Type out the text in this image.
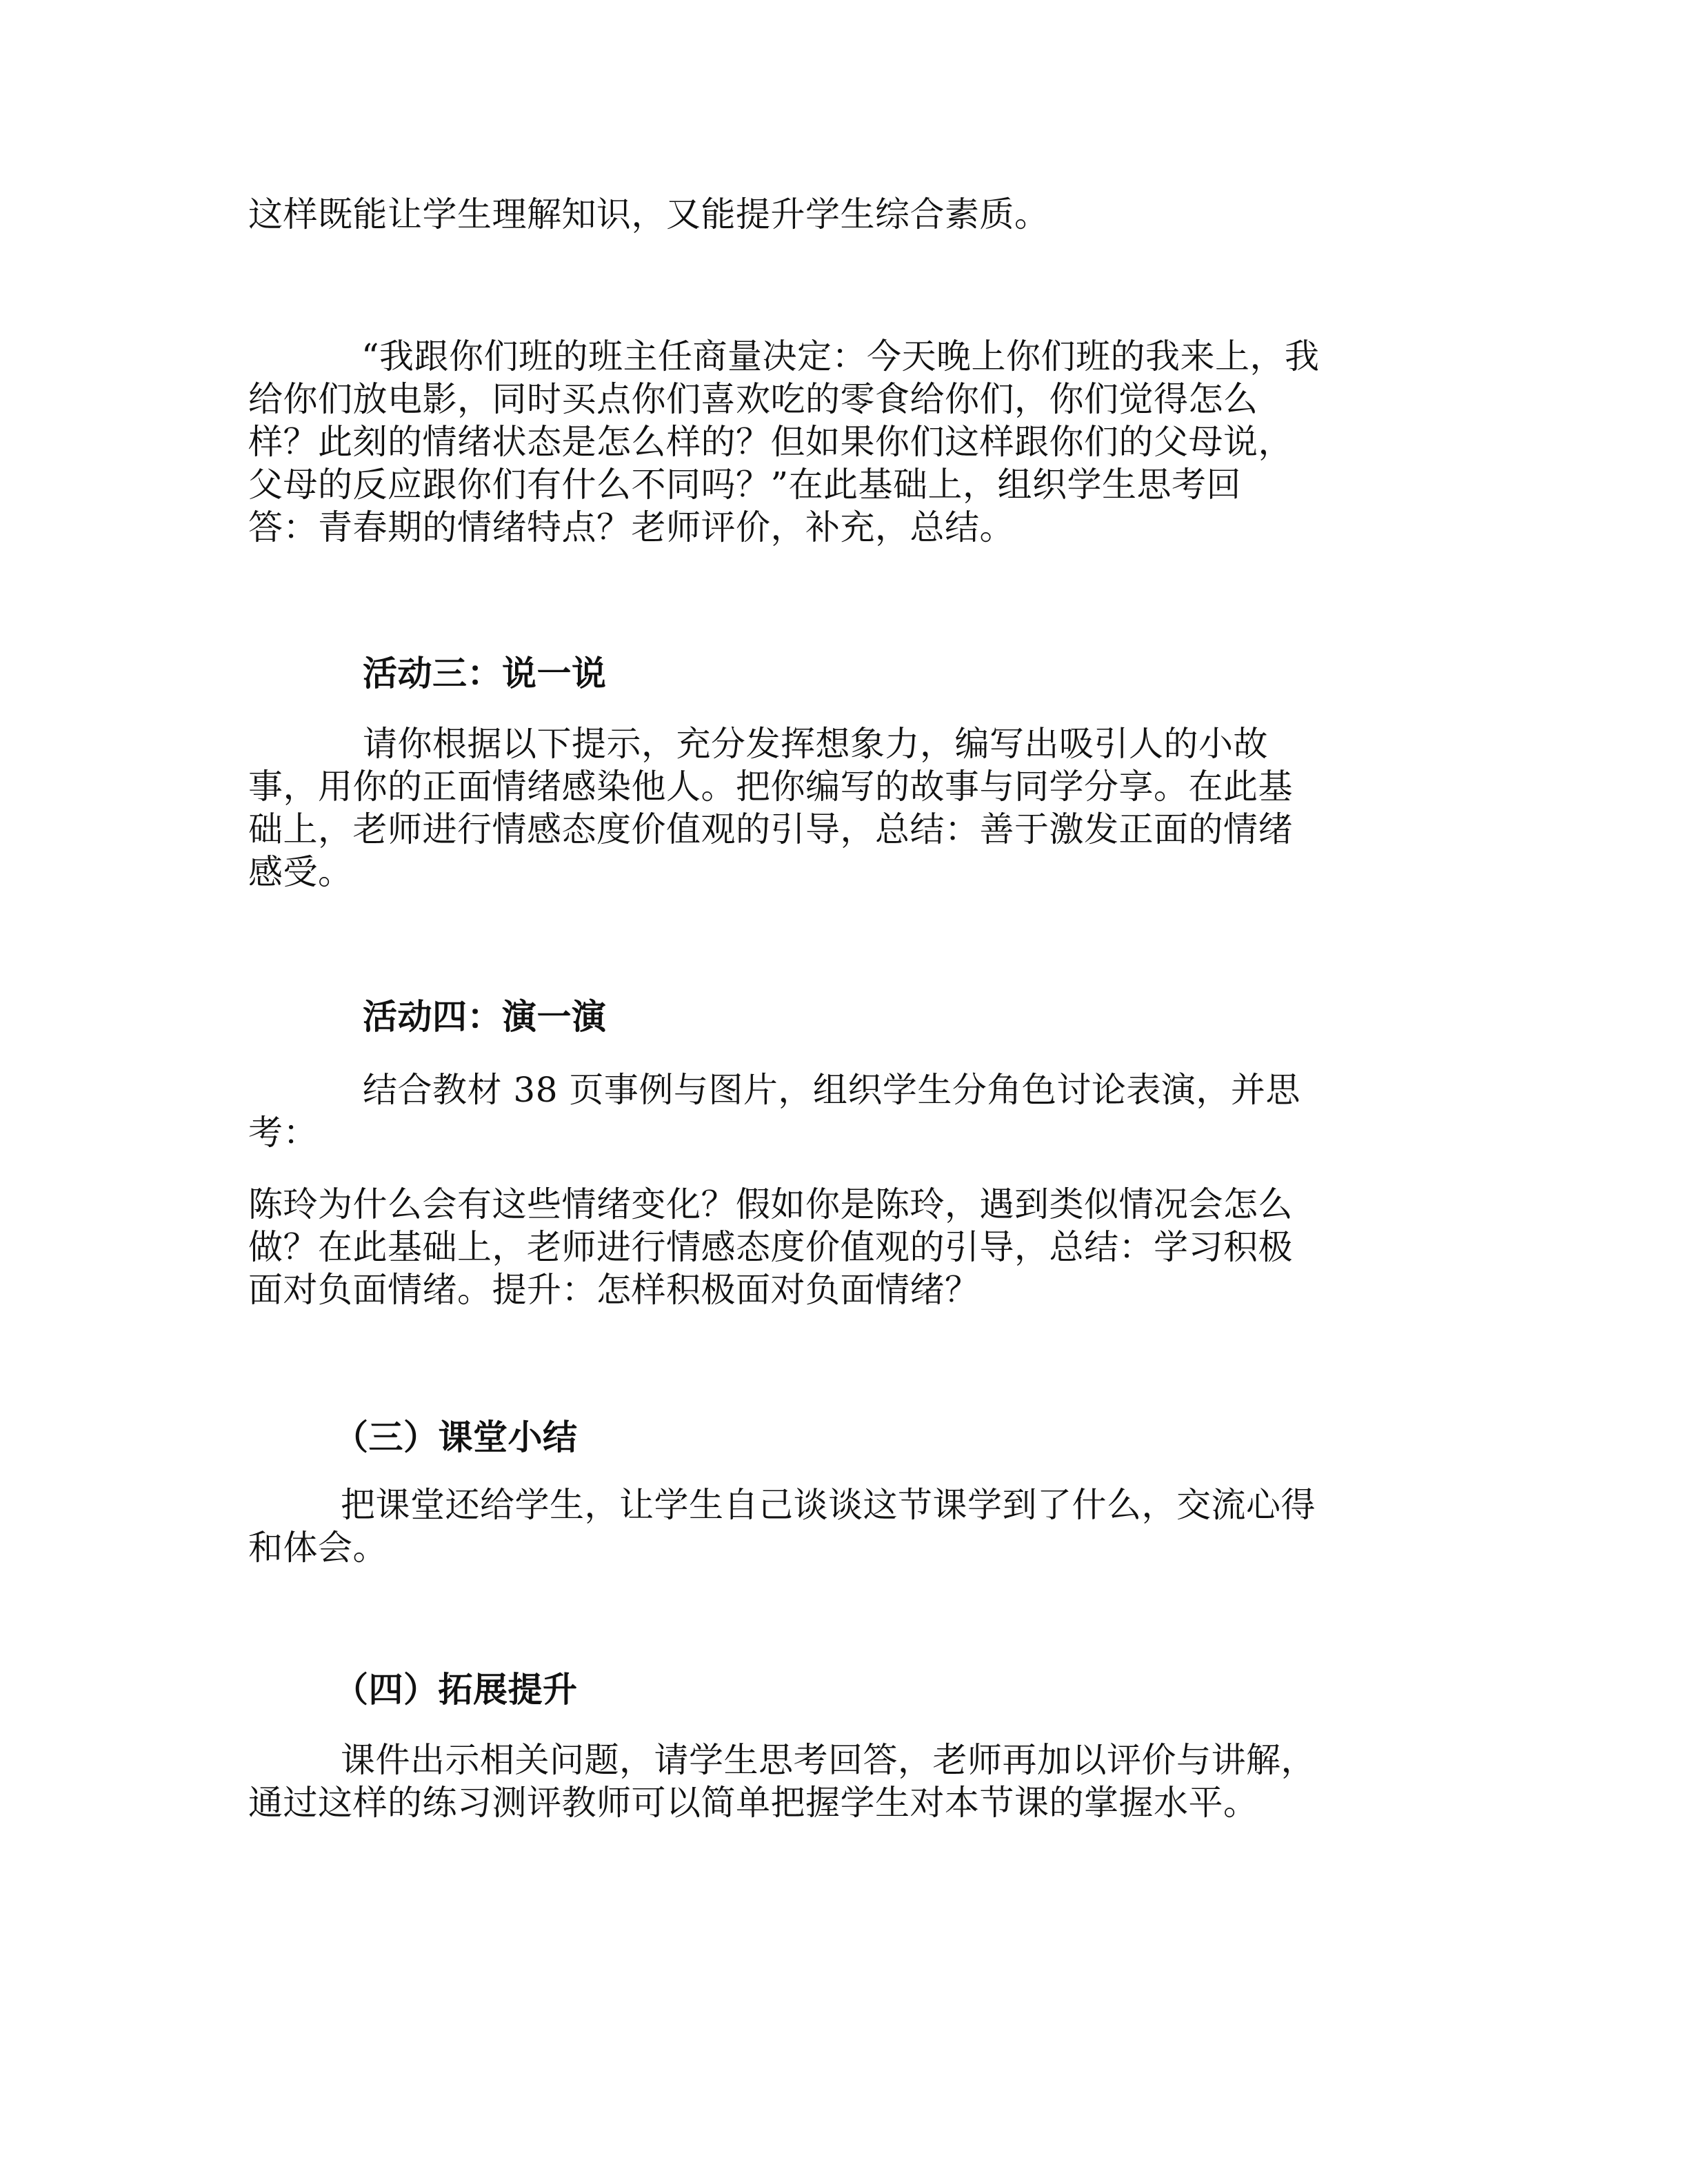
这样既能让学生理解知识，又能提升学生综合素质。

“我跟你们班的班主任商量决定：今天晚上你们班的我来上，我
给你们放电影，同时买点你们喜欢吃的零食给你们，你们觉得怎么
样？此刻的情绪状态是怎么样的？但如果你们这样跟你们的父母说，
父母的反应跟你们有什么不同吗？”在此基础上，组织学生思考回
答：青春期的情绪特点？老师评价，补充，总结。

活动三：说一说

请你根据以下提示，充分发挥想象力，编写出吸引人的小故
事，用你的正面情绪感染他人。把你编写的故事与同学分享。在此基
础上，老师进行情感态度价值观的引导，总结：善于激发正面的情绪
感受。

活动四：演一演

结合教材 38 页事例与图片，组织学生分角色讨论表演，并思
考：

陈玲为什么会有这些情绪变化？假如你是陈玲，遇到类似情况会怎么
做？在此基础上，老师进行情感态度价值观的引导，总结：学习积极
面对负面情绪。提升：怎样积极面对负面情绪？

（三）课堂小结

把课堂还给学生，让学生自己谈谈这节课学到了什么，交流心得
和体会。

（四）拓展提升

课件出示相关问题，请学生思考回答，老师再加以评价与讲解，
通过这样的练习测评教师可以简单把握学生对本节课的掌握水平。
